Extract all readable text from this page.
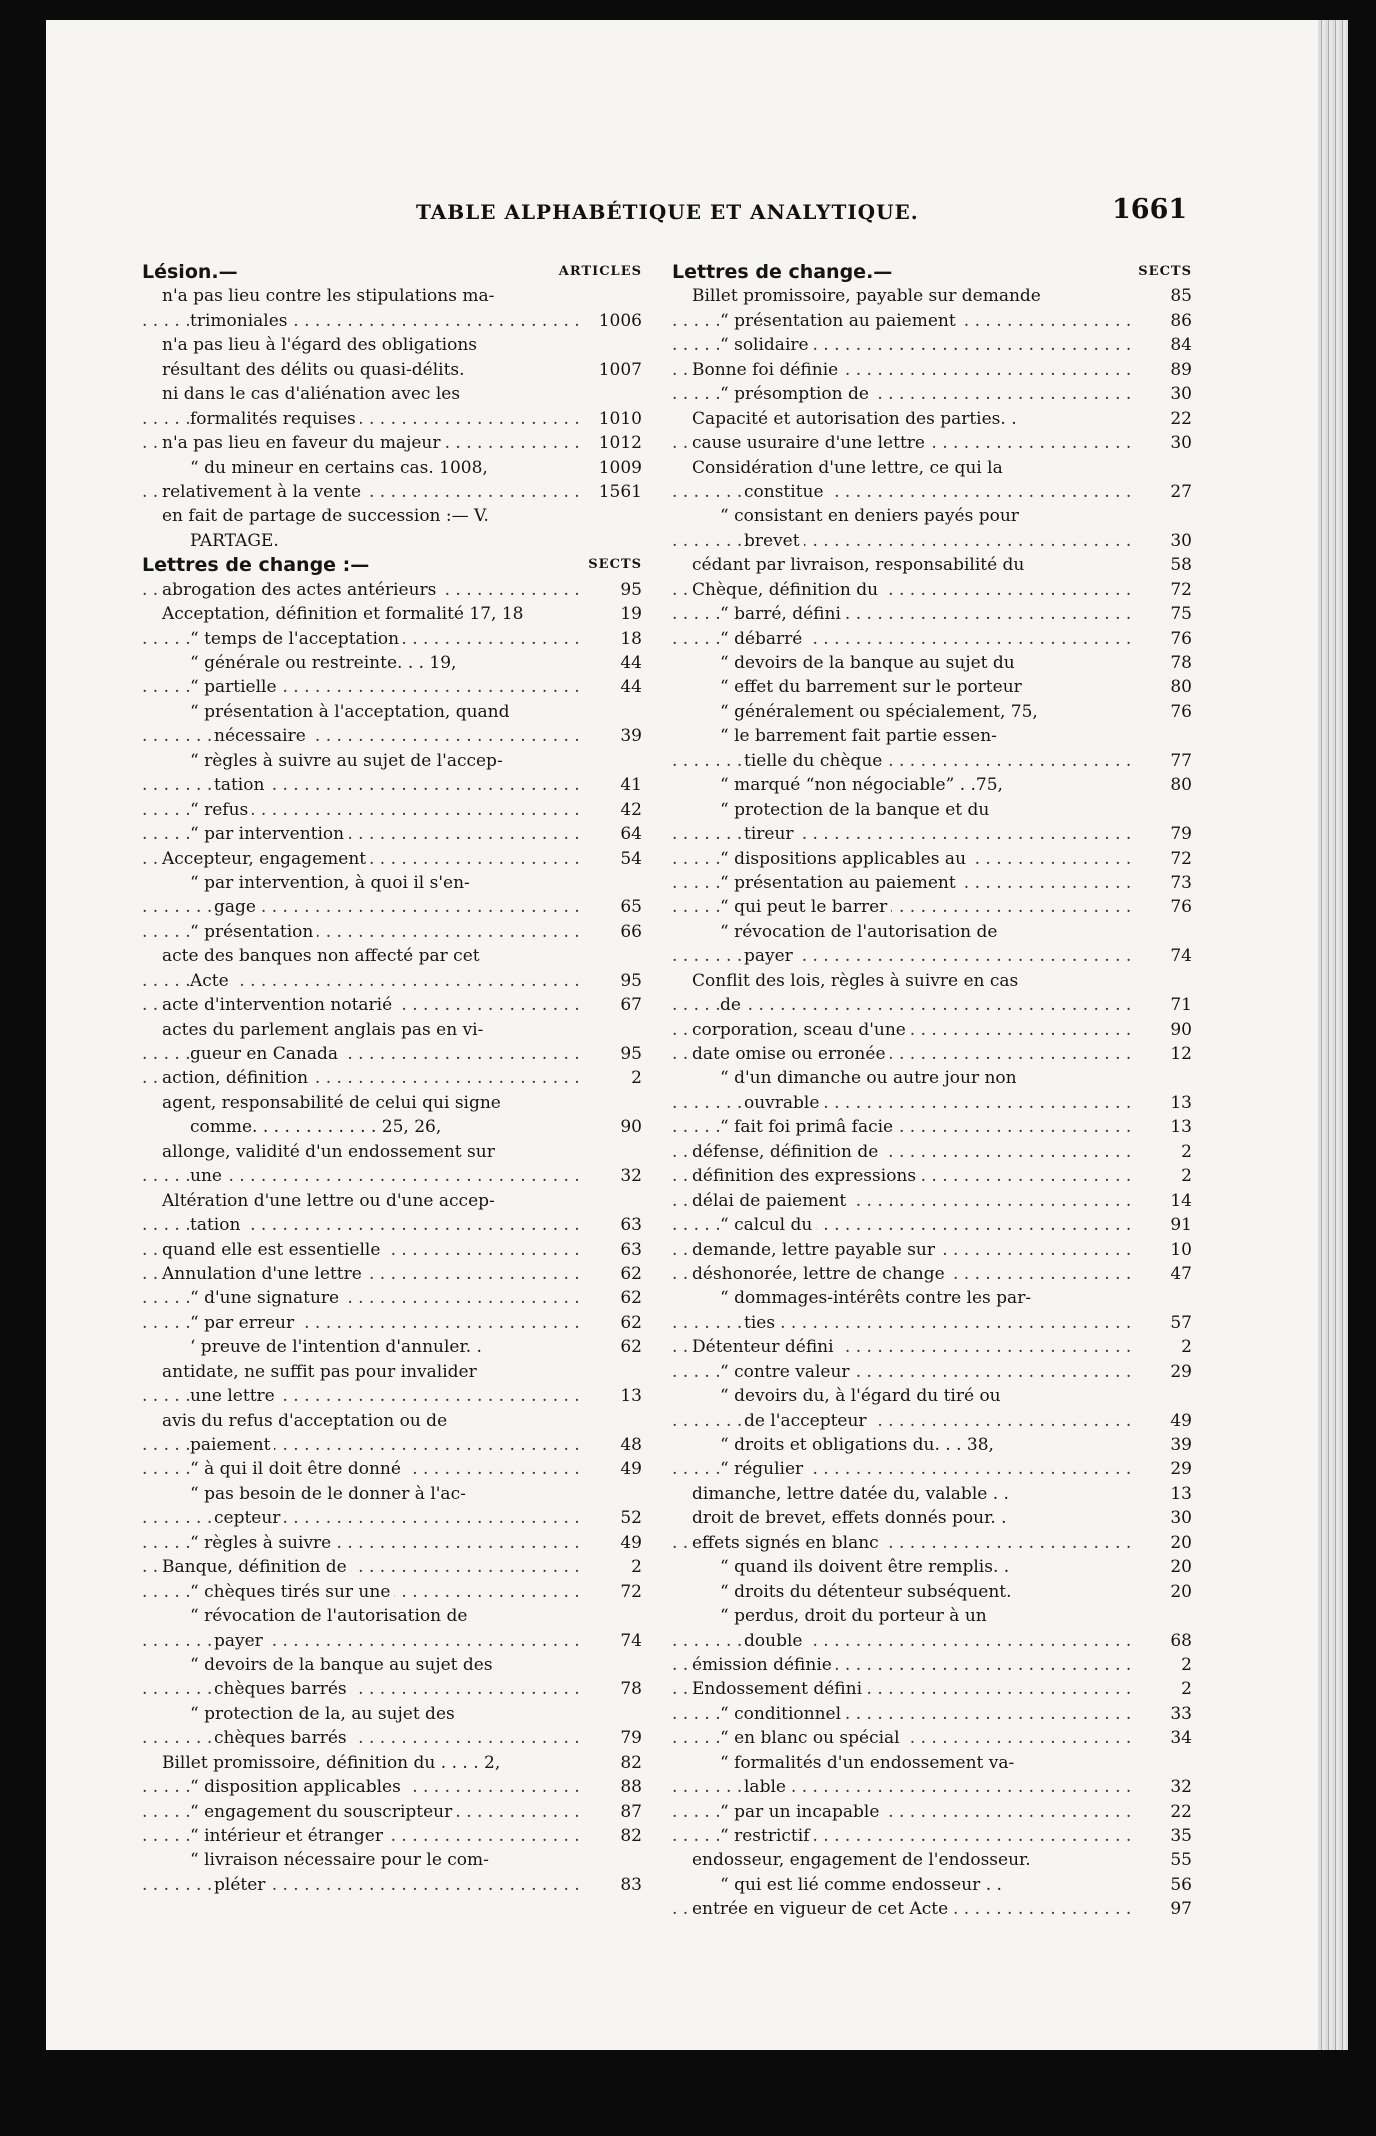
TABLE ALPHABÉTIQUE ET ANALYTIQUE.	1661
Lésion.—	ARTICLES
n'a pas lieu contre les stipulations ma-
. . . trimoniales	1006
n'a pas lieu à l'égard des obligations
résultant des délits ou quasi-délits.	1007
ni dans le cas d'aliénation avec les
. . . formalités requises	1010
. . . n'a pas lieu en faveur du majeur	1012
“ du mineur en certains cas. 1008,	1009
. . . relativement à la vente	1561
en fait de partage de succession :— V.
PARTAGE.
Lettres de change :—	SECTS
. . . abrogation des actes antérieurs	95
Acceptation, définition et formalité 17, 18	19
. . . “ temps de l'acceptation	18
“ générale ou restreinte. . . 19,	44
. . . “ partielle	44
“ présentation à l'acceptation, quand
. . . nécessaire	39
“ règles à suivre au sujet de l'accep-
. . . tation	41
. . . “ refus	42
. . . “ par intervention	64
. . . Accepteur, engagement	54
“ par intervention, à quoi il s'en-
. . . gage	65
. . . “ présentation	66
acte des banques non affecté par cet
. . . Acte	95
. . . acte d'intervention notarié	67
actes du parlement anglais pas en vi-
. . . gueur en Canada	95
. . . action, définition	2
agent, responsabilité de celui qui signe
comme. . . . . . . . . . . . 25, 26,	90
allonge, validité d'un endossement sur
. . . une	32
Altération d'une lettre ou d'une accep-
. . . tation	63
. . . quand elle est essentielle	63
. . . Annulation d'une lettre	62
. . . “ d'une signature	62
. . . “ par erreur	62
‘ preuve de l'intention d'annuler. .	62
antidate, ne suffit pas pour invalider
. . . une lettre	13
avis du refus d'acceptation ou de
. . . paiement	48
. . . “ à qui il doit être donné	49
“ pas besoin de le donner à l'ac-
. . . cepteur	52
. . . “ règles à suivre	49
. . . Banque, définition de	2
. . . “ chèques tirés sur une	72
“ révocation de l'autorisation de
. . . payer	74
“ devoirs de la banque au sujet des
. . . chèques barrés	78
“ protection de la, au sujet des
. . . chèques barrés	79
Billet promissoire, définition du . . . . 2,	82
. . . “ disposition applicables	88
. . . “ engagement du souscripteur	87
. . . “ intérieur et étranger	82
“ livraison nécessaire pour le com-
. . . pléter	83
Lettres de change.—	SECTS
Billet promissoire, payable sur demande	85
. . . “ présentation au paiement	86
. . . “ solidaire	84
. . . Bonne foi définie	89
. . . “ présomption de	30
Capacité et autorisation des parties. .	22
. . . cause usuraire d'une lettre	30
Considération d'une lettre, ce qui la
. . . constitue	27
“ consistant en deniers payés pour
. . . brevet	30
cédant par livraison, responsabilité du	58
. . . Chèque, définition du	72
. . . “ barré, défini	75
. . . “ débarré	76
“ devoirs de la banque au sujet du	78
“ effet du barrement sur le porteur	80
“ généralement ou spécialement, 75,	76
“ le barrement fait partie essen-
. . . tielle du chèque	77
“ marqué “non négociable” . .75,	80
“ protection de la banque et du
. . . tireur	79
. . . “ dispositions applicables au	72
. . . “ présentation au paiement	73
. . . “ qui peut le barrer	76
“ révocation de l'autorisation de
. . . payer	74
Conflit des lois, règles à suivre en cas
. . . de	71
. . . corporation, sceau d'une	90
. . . date omise ou erronée	12
“ d'un dimanche ou autre jour non
. . . ouvrable	13
. . . “ fait foi primâ facie	13
. . . défense, définition de	2
. . . définition des expressions	2
. . . délai de paiement	14
. . . “ calcul du	91
. . . demande, lettre payable sur	10
. . . déshonorée, lettre de change	47
“ dommages-intérêts contre les par-
. . . ties	57
. . . Détenteur défini	2
. . . “ contre valeur	29
“ devoirs du, à l'égard du tiré ou
. . . de l'accepteur	49
“ droits et obligations du. . . 38,	39
. . . “ régulier	29
dimanche, lettre datée du, valable . .	13
droit de brevet, effets donnés pour. .	30
. . . effets signés en blanc	20
“ quand ils doivent être remplis. .	20
“ droits du détenteur subséquent.	20
“ perdus, droit du porteur à un
. . . double	68
. . . émission définie	2
. . . Endossement défini	2
. . . “ conditionnel	33
. . . “ en blanc ou spécial	34
“ formalités d'un endossement va-
. . . lable	32
. . . “ par un incapable	22
. . . “ restrictif	35
endosseur, engagement de l'endosseur.	55
“ qui est lié comme endosseur . .	56
. . . entrée en vigueur de cet Acte	97
